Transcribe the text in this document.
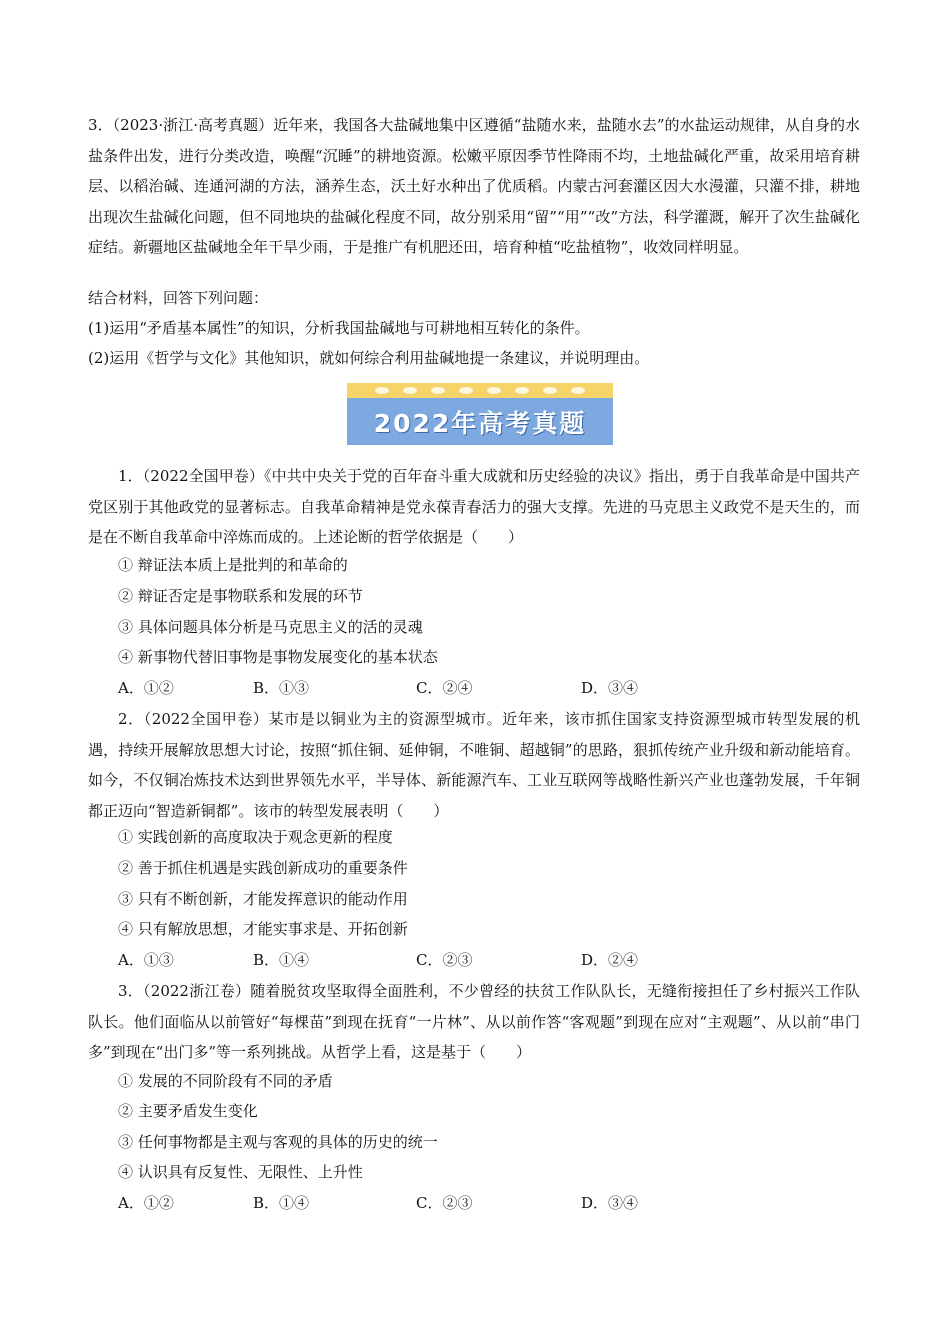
3．（2023·浙江·高考真题）近年来，我国各大盐碱地集中区遵循“盐随水来，盐随水去”的水盐运动规律，从自身的水盐条件出发，进行分类改造，唤醒“沉睡”的耕地资源。松嫩平原因季节性降雨不均，土地盐碱化严重，故采用培育耕层、以稻治碱、连通河湖的方法，涵养生态，沃土好水种出了优质稻。内蒙古河套灌区因大水漫灌，只灌不排，耕地出现次生盐碱化问题，但不同地块的盐碱化程度不同，故分别采用“留”“用”“改”方法，科学灌溉，解开了次生盐碱化症结。新疆地区盐碱地全年干旱少雨，于是推广有机肥还田，培育种植“吃盐植物”，收效同样明显。
结合材料，回答下列问题：
(1)运用“矛盾基本属性”的知识，分析我国盐碱地与可耕地相互转化的条件。
(2)运用《哲学与文化》其他知识，就如何综合利用盐碱地提一条建议，并说明理由。
2022年高考真题
1．（2022全国甲卷）《中共中央关于党的百年奋斗重大成就和历史经验的决议》指出，勇于自我革命是中国共产党区别于其他政党的显著标志。自我革命精神是党永葆青春活力的强大支撑。先进的马克思主义政党不是天生的，而是在不断自我革命中淬炼而成的。上述论断的哲学依据是（　　）
① 辩证法本质上是批判的和革命的
② 辩证否定是事物联系和发展的环节
③ 具体问题具体分析是马克思主义的活的灵魂
④ 新事物代替旧事物是事物发展变化的基本状态
A．①②	B．①③	C．②④	D．③④
2．（2022全国甲卷）某市是以铜业为主的资源型城市。近年来，该市抓住国家支持资源型城市转型发展的机遇，持续开展解放思想大讨论，按照“抓住铜、延伸铜，不唯铜、超越铜”的思路，狠抓传统产业升级和新动能培育。如今，不仅铜冶炼技术达到世界领先水平，半导体、新能源汽车、工业互联网等战略性新兴产业也蓬勃发展，千年铜都正迈向“智造新铜都”。该市的转型发展表明（　　）
① 实践创新的高度取决于观念更新的程度
② 善于抓住机遇是实践创新成功的重要条件
③ 只有不断创新，才能发挥意识的能动作用
④ 只有解放思想，才能实事求是、开拓创新
A．①③	B．①④	C．②③	D．②④
3．（2022浙江卷）随着脱贫攻坚取得全面胜利，不少曾经的扶贫工作队队长，无缝衔接担任了乡村振兴工作队队长。他们面临从以前管好“每棵苗”到现在抚育“一片林”、从以前作答“客观题”到现在应对“主观题”、从以前“串门多”到现在“出门多”等一系列挑战。从哲学上看，这是基于（　　）
① 发展的不同阶段有不同的矛盾
② 主要矛盾发生变化
③ 任何事物都是主观与客观的具体的历史的统一
④ 认识具有反复性、无限性、上升性
A．①②	B．①④	C．②③	D．③④
